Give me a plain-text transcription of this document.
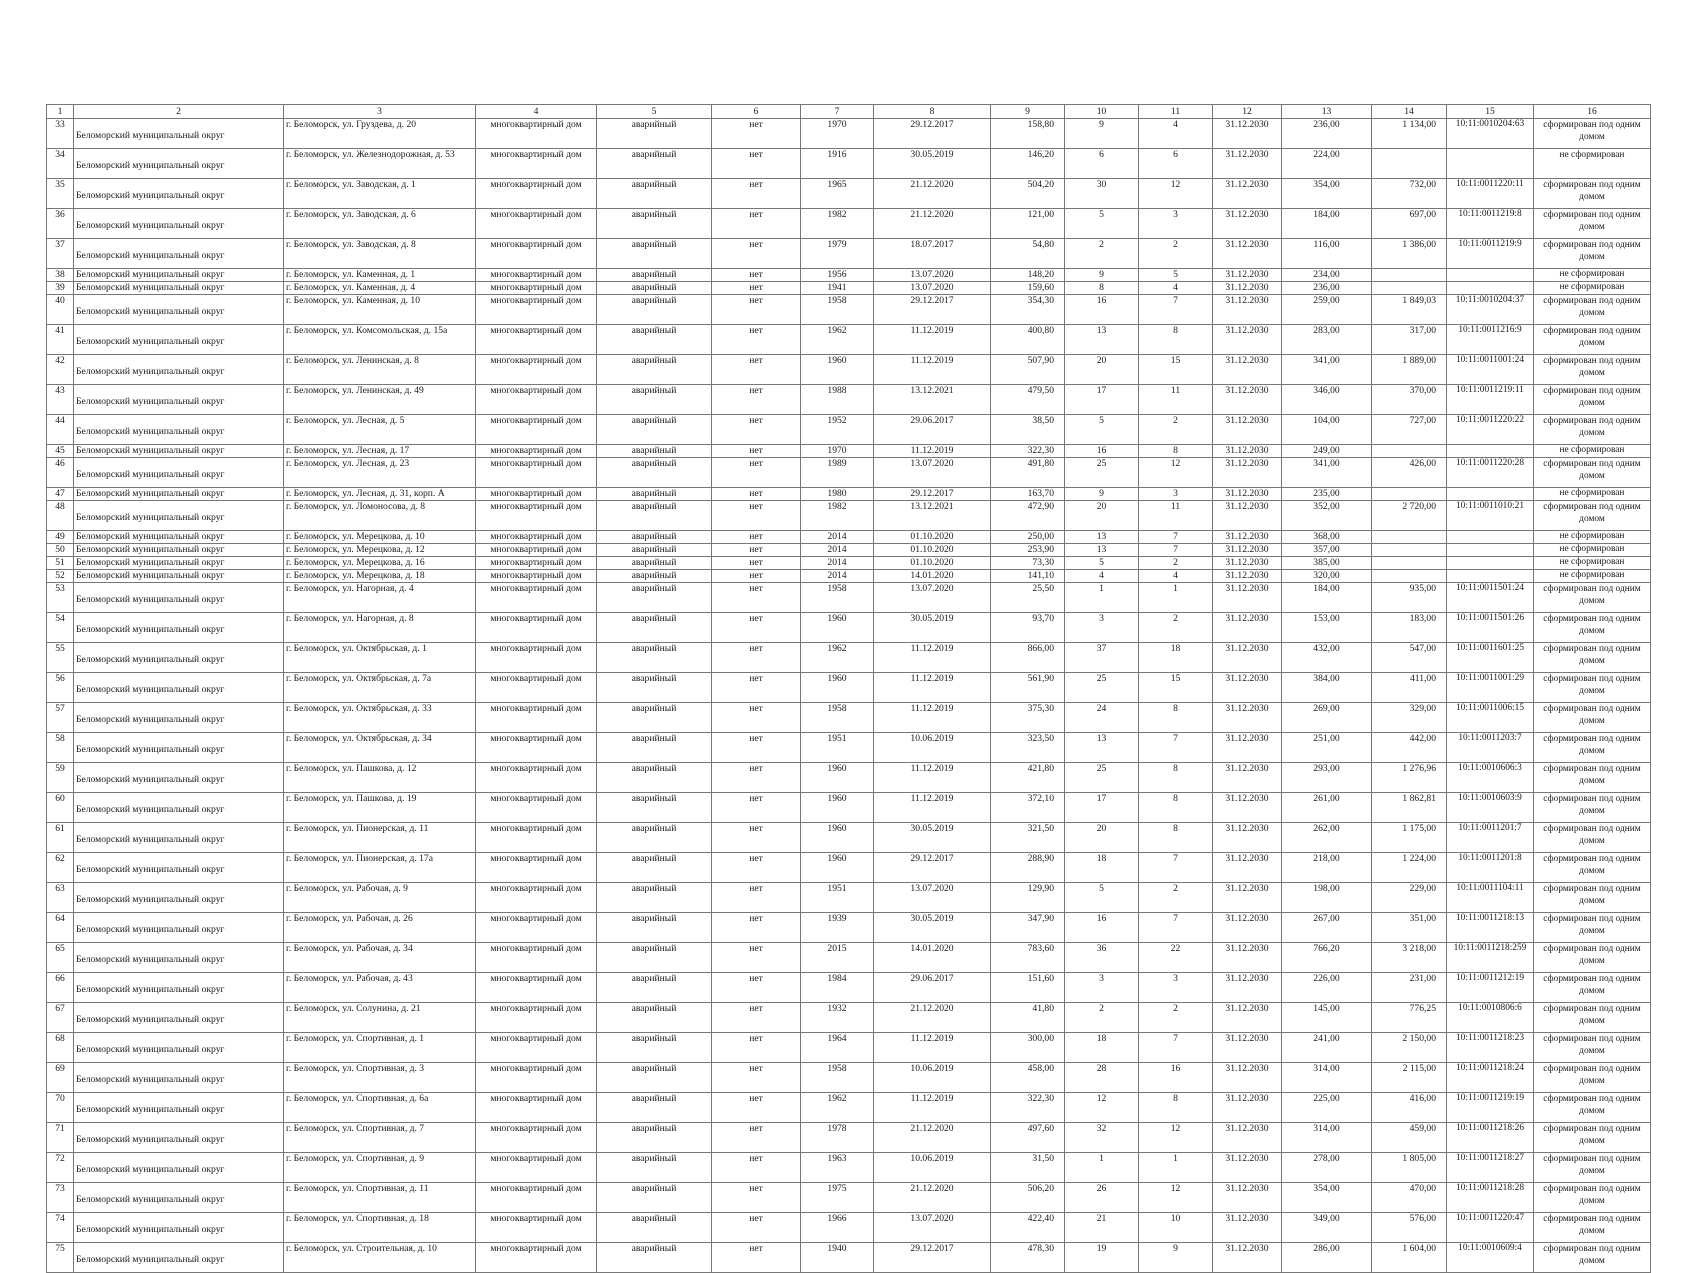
1	2	3	4	5	6	7	8	9	10	11	12	13	14	15	16
33	Беломорский муниципальный округ	г. Беломорск, ул. Груздева, д. 20	многоквартирный дом	аварийный	нет	1970	29.12.2017	158,80	9	4	31.12.2030	236,00	1 134,00	10:11:0010204:63	сформирован под одним домом
34	Беломорский муниципальный округ	г. Беломорск, ул. Железнодорожная, д. 53	многоквартирный дом	аварийный	нет	1916	30.05.2019	146,20	6	6	31.12.2030	224,00			не сформирован
35	Беломорский муниципальный округ	г. Беломорск, ул. Заводская, д. 1	многоквартирный дом	аварийный	нет	1965	21.12.2020	504,20	30	12	31.12.2030	354,00	732,00	10:11:0011220:11	сформирован под одним домом
36	Беломорский муниципальный округ	г. Беломорск, ул. Заводская, д. 6	многоквартирный дом	аварийный	нет	1982	21.12.2020	121,00	5	3	31.12.2030	184,00	697,00	10:11:0011219:8	сформирован под одним домом
37	Беломорский муниципальный округ	г. Беломорск, ул. Заводская, д. 8	многоквартирный дом	аварийный	нет	1979	18.07.2017	54,80	2	2	31.12.2030	116,00	1 386,00	10:11:0011219:9	сформирован под одним домом
38	Беломорский муниципальный округ	г. Беломорск, ул. Каменная, д. 1	многоквартирный дом	аварийный	нет	1956	13.07.2020	148,20	9	5	31.12.2030	234,00			не сформирован
39	Беломорский муниципальный округ	г. Беломорск, ул. Каменная, д. 4	многоквартирный дом	аварийный	нет	1941	13.07.2020	159,60	8	4	31.12.2030	236,00			не сформирован
40	Беломорский муниципальный округ	г. Беломорск, ул. Каменная, д. 10	многоквартирный дом	аварийный	нет	1958	29.12.2017	354,30	16	7	31.12.2030	259,00	1 849,03	10:11:0010204:37	сформирован под одним домом
41	Беломорский муниципальный округ	г. Беломорск, ул. Комсомольская, д. 15а	многоквартирный дом	аварийный	нет	1962	11.12.2019	400,80	13	8	31.12.2030	283,00	317,00	10:11:0011216:9	сформирован под одним домом
42	Беломорский муниципальный округ	г. Беломорск, ул. Ленинская, д. 8	многоквартирный дом	аварийный	нет	1960	11.12.2019	507,90	20	15	31.12.2030	341,00	1 889,00	10:11:0011001:24	сформирован под одним домом
43	Беломорский муниципальный округ	г. Беломорск, ул. Ленинская, д. 49	многоквартирный дом	аварийный	нет	1988	13.12.2021	479,50	17	11	31.12.2030	346,00	370,00	10:11:0011219:11	сформирован под одним домом
44	Беломорский муниципальный округ	г. Беломорск, ул. Лесная, д. 5	многоквартирный дом	аварийный	нет	1952	29.06.2017	38,50	5	2	31.12.2030	104,00	727,00	10:11:0011220:22	сформирован под одним домом
45	Беломорский муниципальный округ	г. Беломорск, ул. Лесная, д. 17	многоквартирный дом	аварийный	нет	1970	11.12.2019	322,30	16	8	31.12.2030	249,00			не сформирован
46	Беломорский муниципальный округ	г. Беломорск, ул. Лесная, д. 23	многоквартирный дом	аварийный	нет	1989	13.07.2020	491,80	25	12	31.12.2030	341,00	426,00	10:11:0011220:28	сформирован под одним домом
47	Беломорский муниципальный округ	г. Беломорск, ул. Лесная, д. 31, корп. А	многоквартирный дом	аварийный	нет	1980	29.12.2017	163,70	9	3	31.12.2030	235,00			не сформирован
48	Беломорский муниципальный округ	г. Беломорск, ул. Ломоносова, д. 8	многоквартирный дом	аварийный	нет	1982	13.12.2021	472,90	20	11	31.12.2030	352,00	2 720,00	10:11:0011010:21	сформирован под одним домом
49	Беломорский муниципальный округ	г. Беломорск, ул. Мерецкова, д. 10	многоквартирный дом	аварийный	нет	2014	01.10.2020	250,00	13	7	31.12.2030	368,00			не сформирован
50	Беломорский муниципальный округ	г. Беломорск, ул. Мерецкова, д. 12	многоквартирный дом	аварийный	нет	2014	01.10.2020	253,90	13	7	31.12.2030	357,00			не сформирован
51	Беломорский муниципальный округ	г. Беломорск, ул. Мерецкова, д. 16	многоквартирный дом	аварийный	нет	2014	01.10.2020	73,30	5	2	31.12.2030	385,00			не сформирован
52	Беломорский муниципальный округ	г. Беломорск, ул. Мерецкова, д. 18	многоквартирный дом	аварийный	нет	2014	14.01.2020	141,10	4	4	31.12.2030	320,00			не сформирован
53	Беломорский муниципальный округ	г. Беломорск, ул. Нагорная, д. 4	многоквартирный дом	аварийный	нет	1958	13.07.2020	25,50	1	1	31.12.2030	184,00	935,00	10:11:0011501:24	сформирован под одним домом
54	Беломорский муниципальный округ	г. Беломорск, ул. Нагорная, д. 8	многоквартирный дом	аварийный	нет	1960	30.05.2019	93,70	3	2	31.12.2030	153,00	183,00	10:11:0011501:26	сформирован под одним домом
55	Беломорский муниципальный округ	г. Беломорск, ул. Октябрьская, д. 1	многоквартирный дом	аварийный	нет	1962	11.12.2019	866,00	37	18	31.12.2030	432,00	547,00	10:11:0011601:25	сформирован под одним домом
56	Беломорский муниципальный округ	г. Беломорск, ул. Октябрьская, д. 7а	многоквартирный дом	аварийный	нет	1960	11.12.2019	561,90	25	15	31.12.2030	384,00	411,00	10:11:0011001:29	сформирован под одним домом
57	Беломорский муниципальный округ	г. Беломорск, ул. Октябрьская, д. 33	многоквартирный дом	аварийный	нет	1958	11.12.2019	375,30	24	8	31.12.2030	269,00	329,00	10:11:0011006:15	сформирован под одним домом
58	Беломорский муниципальный округ	г. Беломорск, ул. Октябрьская, д. 34	многоквартирный дом	аварийный	нет	1951	10.06.2019	323,50	13	7	31.12.2030	251,00	442,00	10:11:0011203:7	сформирован под одним домом
59	Беломорский муниципальный округ	г. Беломорск, ул. Пашкова, д. 12	многоквартирный дом	аварийный	нет	1960	11.12.2019	421,80	25	8	31.12.2030	293,00	1 276,96	10:11:0010606:3	сформирован под одним домом
60	Беломорский муниципальный округ	г. Беломорск, ул. Пашкова, д. 19	многоквартирный дом	аварийный	нет	1960	11.12.2019	372,10	17	8	31.12.2030	261,00	1 862,81	10:11:0010603:9	сформирован под одним домом
61	Беломорский муниципальный округ	г. Беломорск, ул. Пионерская, д. 11	многоквартирный дом	аварийный	нет	1960	30.05.2019	321,50	20	8	31.12.2030	262,00	1 175,00	10:11:0011201:7	сформирован под одним домом
62	Беломорский муниципальный округ	г. Беломорск, ул. Пионерская, д. 17а	многоквартирный дом	аварийный	нет	1960	29.12.2017	288,90	18	7	31.12.2030	218,00	1 224,00	10:11:0011201:8	сформирован под одним домом
63	Беломорский муниципальный округ	г. Беломорск, ул. Рабочая, д. 9	многоквартирный дом	аварийный	нет	1951	13.07.2020	129,90	5	2	31.12.2030	198,00	229,00	10:11:0011104:11	сформирован под одним домом
64	Беломорский муниципальный округ	г. Беломорск, ул. Рабочая, д. 26	многоквартирный дом	аварийный	нет	1939	30.05.2019	347,90	16	7	31.12.2030	267,00	351,00	10:11:0011218:13	сформирован под одним домом
65	Беломорский муниципальный округ	г. Беломорск, ул. Рабочая, д. 34	многоквартирный дом	аварийный	нет	2015	14.01.2020	783,60	36	22	31.12.2030	766,20	3 218,00	10:11:0011218:259	сформирован под одним домом
66	Беломорский муниципальный округ	г. Беломорск, ул. Рабочая, д. 43	многоквартирный дом	аварийный	нет	1984	29.06.2017	151,60	3	3	31.12.2030	226,00	231,00	10:11:0011212:19	сформирован под одним домом
67	Беломорский муниципальный округ	г. Беломорск, ул. Солунина, д. 21	многоквартирный дом	аварийный	нет	1932	21.12.2020	41,80	2	2	31.12.2030	145,00	776,25	10:11:0010806:6	сформирован под одним домом
68	Беломорский муниципальный округ	г. Беломорск, ул. Спортивная, д. 1	многоквартирный дом	аварийный	нет	1964	11.12.2019	300,00	18	7	31.12.2030	241,00	2 150,00	10:11:0011218:23	сформирован под одним домом
69	Беломорский муниципальный округ	г. Беломорск, ул. Спортивная, д. 3	многоквартирный дом	аварийный	нет	1958	10.06.2019	458,00	28	16	31.12.2030	314,00	2 115,00	10:11:0011218:24	сформирован под одним домом
70	Беломорский муниципальный округ	г. Беломорск, ул. Спортивная, д. 6а	многоквартирный дом	аварийный	нет	1962	11.12.2019	322,30	12	8	31.12.2030	225,00	416,00	10:11:0011219:19	сформирован под одним домом
71	Беломорский муниципальный округ	г. Беломорск, ул. Спортивная, д. 7	многоквартирный дом	аварийный	нет	1978	21.12.2020	497,60	32	12	31.12.2030	314,00	459,00	10:11:0011218:26	сформирован под одним домом
72	Беломорский муниципальный округ	г. Беломорск, ул. Спортивная, д. 9	многоквартирный дом	аварийный	нет	1963	10.06.2019	31,50	1	1	31.12.2030	278,00	1 805,00	10:11:0011218:27	сформирован под одним домом
73	Беломорский муниципальный округ	г. Беломорск, ул. Спортивная, д. 11	многоквартирный дом	аварийный	нет	1975	21.12.2020	506,20	26	12	31.12.2030	354,00	470,00	10:11:0011218:28	сформирован под одним домом
74	Беломорский муниципальный округ	г. Беломорск, ул. Спортивная, д. 18	многоквартирный дом	аварийный	нет	1966	13.07.2020	422,40	21	10	31.12.2030	349,00	576,00	10:11:0011220:47	сформирован под одним домом
75	Беломорский муниципальный округ	г. Беломорск, ул. Строительная, д. 10	многоквартирный дом	аварийный	нет	1940	29.12.2017	478,30	19	9	31.12.2030	286,00	1 604,00	10:11:0010609:4	сформирован под одним домом
